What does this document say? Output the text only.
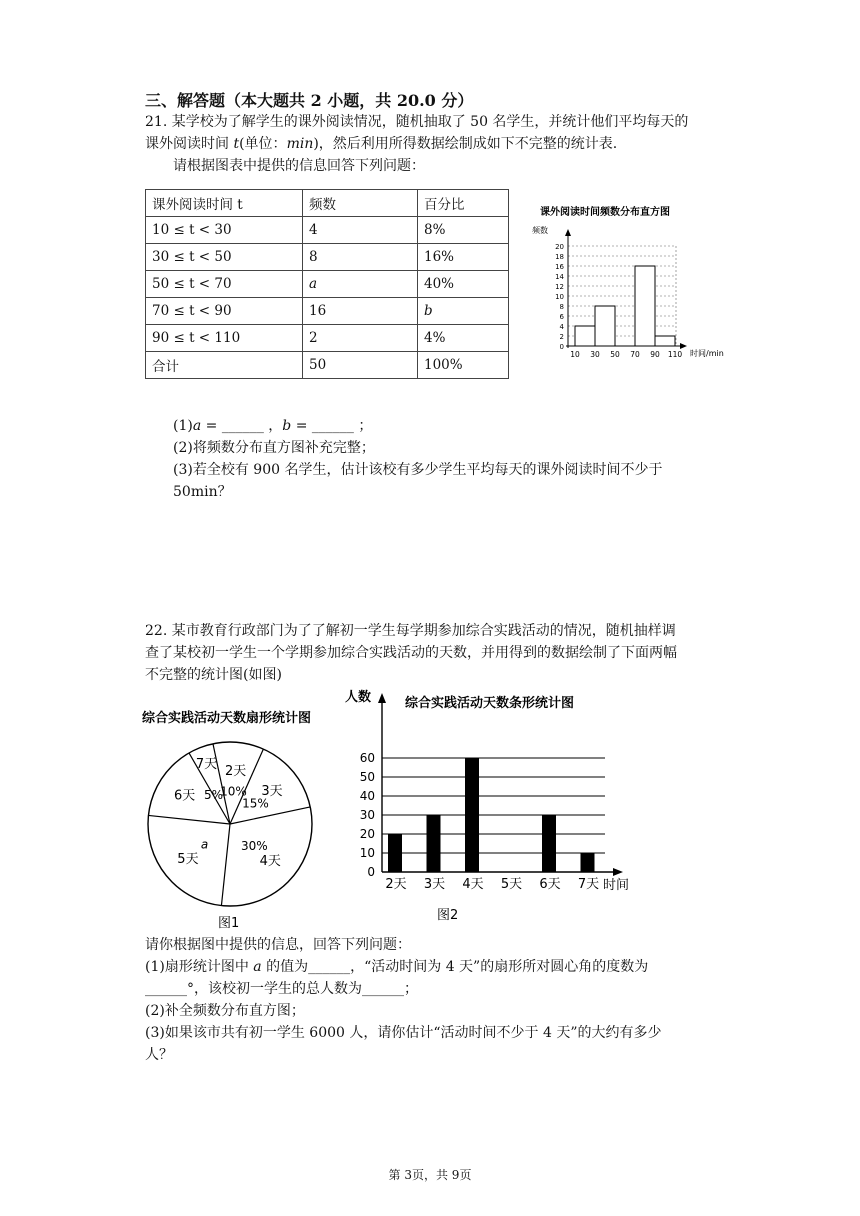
三、解答题（本大题共 2 小题，共 20.0 分）
21. 某学校为了解学生的课外阅读情况，随机抽取了 50 名学生，并统计他们平均每天的
课外阅读时间 t(单位：min)，然后利用所得数据绘制成如下不完整的统计表.
请根据图表中提供的信息回答下列问题：
课外阅读时间 t	频数	百分比
10 ≤ t < 30	4	8%
30 ≤ t < 50	8	16%
50 ≤ t < 70	a	40%
70 ≤ t < 90	16	b
90 ≤ t < 110	2	4%
合计	50	100%
课外阅读时间频数分布直方图
频数
0
2
4
6
8
10
12
14
16
18
20
10 30 50 70 90 110 时间/min
(1)a = ______ ，b = ______ ；
(2)将频数分布直方图补充完整；
(3)若全校有 900 名学生，估计该校有多少学生平均每天的课外阅读时间不少于
50min？
22. 某市教育行政部门为了了解初一学生每学期参加综合实践活动的情况，随机抽样调
查了某校初一学生一个学期参加综合实践活动的天数，并用得到的数据绘制了下面两幅
不完整的统计图(如图)
综合实践活动天数扇形统计图
2天
10% 3天
15%
4天
30%
5天
a
6天
7天
5%
图1
人数	综合实践活动天数条形统计图
0
10
20
30
40
50
60
2天 3天 4天 5天 6天 7天 时间
图2
请你根据图中提供的信息，回答下列问题：
(1)扇形统计图中 a 的值为______，“活动时间为 4 天”的扇形所对圆心角的度数为
______°，该校初一学生的总人数为______；
(2)补全频数分布直方图；
(3)如果该市共有初一学生 6000 人，请你估计“活动时间不少于 4 天”的大约有多少
人？
第 3页，共 9页
